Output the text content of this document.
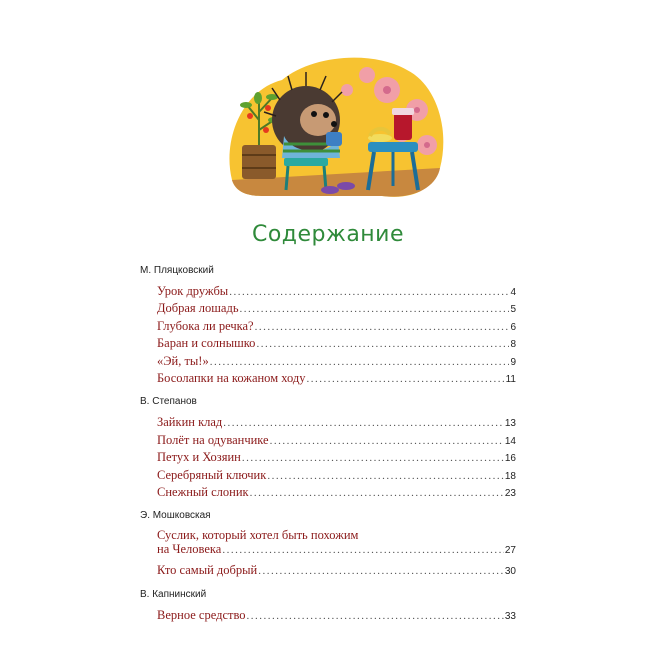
Содержание
М. Пляцковский
Урок дружбы .....	4
Добрая лошадь .....	5
Глубока ли речка? .....	6
Баран и солнышко .....	8
«Эй, ты!» .....	9
Босолапки на кожаном ходу .....	11
В. Степанов
Зайкин клад .....	13
Полёт на одуванчике .....	14
Петух и Хозяин .....	16
Серебряный ключик .....	18
Снежный слоник .....	23
Э. Мошковская
Суслик, который хотел быть похожим
на Человека .....	27
Кто самый добрый .....	30
В. Капнинский
Верное средство .....	33
